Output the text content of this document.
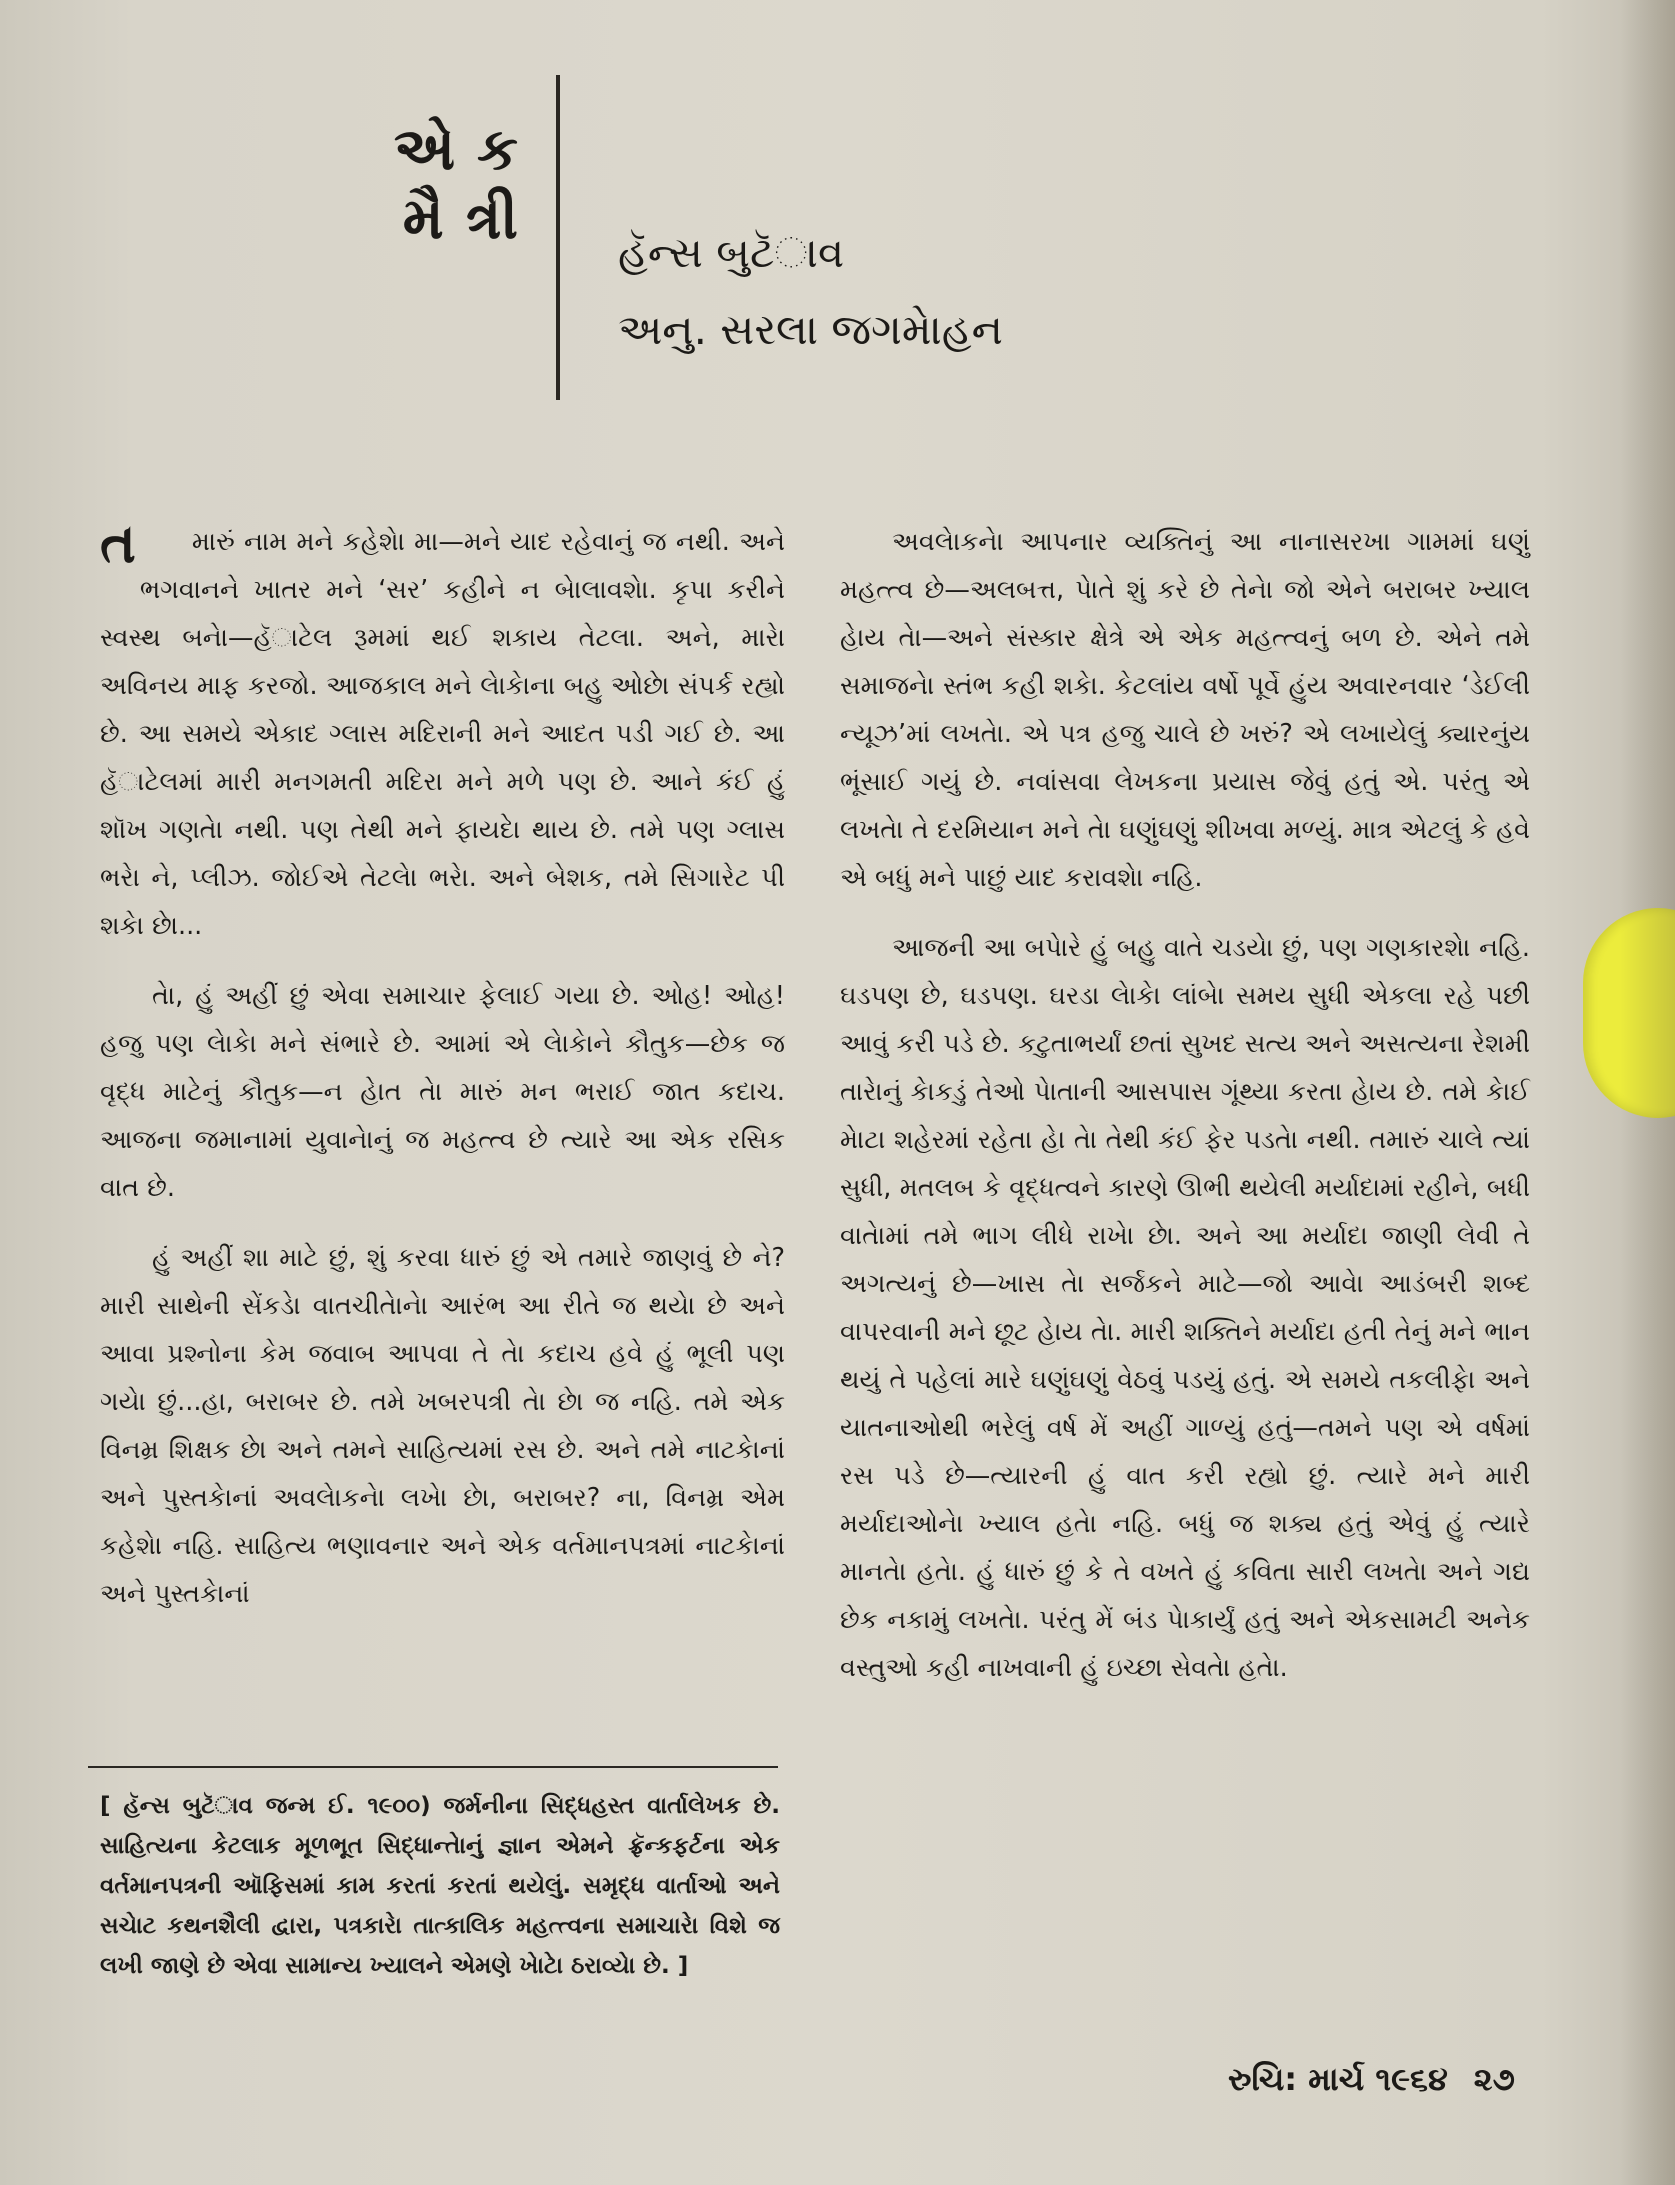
એક મૈત્રી
હૅન્સ બુટૅાવ
અનુ. સરલા જગમેાહન

ત મારું નામ મને કહેશેા મા—મને યાદ રહેવાનું જ નથી. અને ભગવાનને ખાતર મને ‘સર’ કહીને ન બેાલાવશેા. કૃપા કરીને સ્વસ્થ બનેા—હૅાટેલ રૂમમાં થઈ શકાય તેટલા. અને, મારેા અવિનય માફ કરજો. આજકાલ મને લેાકેાના બહુ ઓછેા સંપર્ક રહ્યો છે. આ સમયે એકાદ ગ્લાસ મદિરાની મને આદત પડી ગઈ છે. આ હૅાટેલમાં મારી મનગમતી મદિરા મને મળે પણ છે. આને કંઈ હું શૉખ ગણતેા નથી. પણ તેથી મને ફાયદેા થાય છે. તમે પણ ગ્લાસ ભરેા ને, પ્લીઝ. જોઈએ તેટલેા ભરેા. અને બેશક, તમે સિગારેટ પી શકેા છેા...

તેા, હું અહીં છું એવા સમાચાર ફેલાઈ ગયા છે. ઓહ! ઓહ! હજુ પણ લેાકેા મને સંભારે છે. આમાં એ લેાકેાને કૌતુક—છેક જ વૃદ્ધ માટેનું કૌતુક—ન હેાત તેા મારું મન ભરાઈ જાત કદાચ. આજના જમાનામાં યુવાનેાનું જ મહત્ત્વ છે ત્યારે આ એક રસિક વાત છે.

હું અહીં શા માટે છું, શું કરવા ધારું છું એ તમારે જાણવું છે ને? મારી સાથેની સેંકડેા વાતચીતેાનેા આરંભ આ રીતે જ થયેા છે અને આવા પ્રશ્નોના કેમ જવાબ આપવા તે તેા કદાચ હવે હું ભૂલી પણ ગયેા છું...હા, બરાબર છે. તમે ખબરપત્રી તેા છેા જ નહિ. તમે એક વિનમ્ર શિક્ષક છેા અને તમને સાહિત્યમાં રસ છે. અને તમે નાટકેાનાં અને પુસ્તકેાનાં અવલેાકનેા લખેા છેા, બરાબર? ના, વિનમ્ર એમ કહેશેા નહિ. સાહિત્ય ભણાવનાર અને એક વર્તમાનપત્રમાં નાટકેાનાં અને પુસ્તકેાનાં

[ હૅન્સ બુટૅાવ જન્મ ઈ. ૧૯૦૦) જર્મનીના સિદ્ધહસ્ત વાર્તાલેખક છે. સાહિત્યના કેટલાક મૂળભૂત સિદ્ધાન્તેાનું જ્ઞાન એમને ફ્રૅન્કફર્ટના એક વર્તમાનપત્રની ઑફિસમાં કામ કરતાં કરતાં થયેલું. સમૃદ્ધ વાર્તાઓ અને સચેાટ કથનશૈલી દ્વારા, પત્રકારેા તાત્કાલિક મહત્ત્વના સમાચારેા વિશે જ લખી જાણે છે એવા સામાન્ય ખ્યાલને એમણે ખેાટેા ઠરાવ્યેા છે. ]

અવલેાકનેા આપનાર વ્યક્તિનું આ નાનાસરખા ગામમાં ઘણું મહત્ત્વ છે—અલબત્ત, પેાતે શું કરે છે તેનેા જો એને બરાબર ખ્યાલ હેાય તેા—અને સંસ્કાર ક્ષેત્રે એ એક મહત્ત્વનું બળ છે. એને તમે સમાજનેા સ્તંભ કહી શકેા. કેટલાંય વર્ષો પૂર્વે હુંય અવારનવાર ‘ડેઈલી ન્યૂઝ’માં લખતેા. એ પત્ર હજુ ચાલે છે ખરું? એ લખાયેલું ક્યારનુંય ભૂંસાઈ ગયું છે. નવાંસવા લેખકના પ્રયાસ જેવું હતું એ. પરંતુ એ લખતેા તે દરમિયાન મને તેા ઘણુંઘણું શીખવા મળ્યું. માત્ર એટલું કે હવે એ બધું મને પાછું યાદ કરાવશેા નહિ.

આજની આ બપેારે હું બહુ વાતે ચડયેા છું, પણ ગણકારશેા નહિ. ઘડપણ છે, ઘડપણ. ઘરડા લેાકેા લાંબેા સમય સુધી એકલા રહે પછી આવું કરી પડે છે. કટુતાભર્યાં છતાં સુખદ સત્ય અને અસત્યના રેશમી તારેાનું કેાકડું તેઓ પેાતાની આસપાસ ગૂંથ્યા કરતા હેાય છે. તમે કેાઈ મેાટા શહેરમાં રહેતા હેા તેા તેથી કંઈ ફેર પડતેા નથી. તમારું ચાલે ત્યાં સુધી, મતલબ કે વૃદ્ધત્વને કારણે ઊભી થયેલી મર્યાદામાં રહીને, બધી વાતેામાં તમે ભાગ લીધે રાખેા છેા. અને આ મર્યાદા જાણી લેવી તે અગત્યનું છે—ખાસ તેા સર્જકને માટે—જો આવેા આડંબરી શબ્દ વાપરવાની મને છૂટ હેાય તેા. મારી શક્તિને મર્યાદા હતી તેનું મને ભાન થયું તે પહેલાં મારે ઘણુંઘણું વેઠવું પડયું હતું. એ સમયે તકલીફેા અને યાતનાઓથી ભરેલું વર્ષ મેં અહીં ગાળ્યું હતું—તમને પણ એ વર્ષમાં રસ પડે છે—ત્યારની હું વાત કરી રહ્યો છું. ત્યારે મને મારી મર્યાદાઓનેા ખ્યાલ હતેા નહિ. બધું જ શક્ય હતું એવું હું ત્યારે માનતેા હતેા. હું ધારું છું કે તે વખતે હું કવિતા સારી લખતેા અને ગદ્ય છેક નકામું લખતેા. પરંતુ મેં બંડ પેાકાર્યું હતું અને એકસામટી અનેક વસ્તુઓ કહી નાખવાની હું ઇચ્છા સેવતેા હતેા.

રુચિ: માર્ચ ૧૯૬૪ ૨૭
